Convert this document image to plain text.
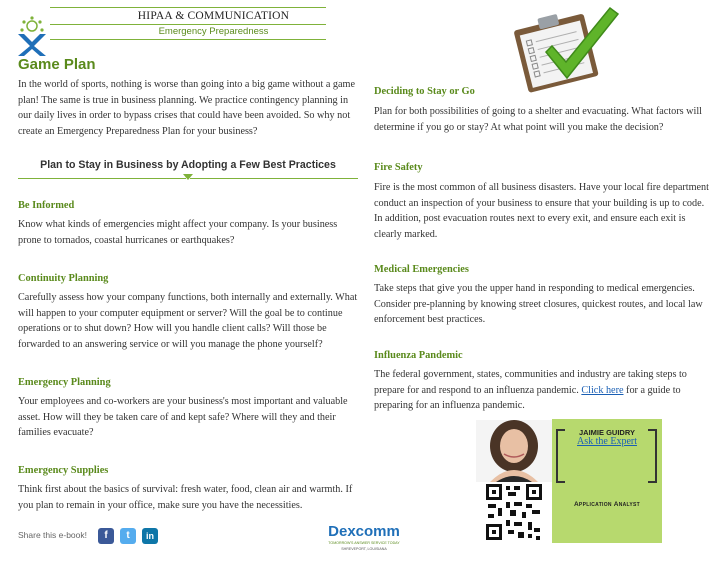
HIPAA & COMMUNICATION
Emergency Preparedness
Game Plan
In the world of sports, nothing is worse than going into a big game without a game plan! The same is true in business planning. We practice contingency planning in our daily lives in order to bypass crises that could have been avoided. So why not create an Emergency Preparedness Plan for your business?
Plan to Stay in Business by Adopting a Few Best Practices
Be Informed
Know what kinds of emergencies might affect your company. Is your business prone to tornados, coastal hurricanes or earthquakes?
Continuity Planning
Carefully assess how your company functions, both internally and externally. What will happen to your computer equipment or server? Will the goal be to continue operations or to shut down? How will you handle client calls? Will those be forwarded to an answering service or will you manage the phone yourself?
Emergency Planning
Your employees and co-workers are your business's most important and valuable asset. How will they be taken care of and kept safe? Where will they and their families evacuate?
Emergency Supplies
Think first about the basics of survival: fresh water, food, clean air and warmth. If you plan to remain in your office, make sure you have the necessities.
Deciding to Stay or Go
Plan for both possibilities of going to a shelter and evacuating. What factors will determine if you go or stay? At what point will you make the decision?
Fire Safety
Fire is the most common of all business disasters. Have your local fire department conduct an inspection of your business to ensure that your building is up to code. In addition, post evacuation routes next to every exit, and ensure each exit is clearly marked.
Medical Emergencies
Take steps that give you the upper hand in responding to medical emergencies. Consider pre-planning by knowing street closures, quickest routes, and local law enforcement best practices.
Influenza Pandemic
The federal government, states, communities and industry are taking steps to prepare for and respond to an influenza pandemic. Click here for a guide to preparing for an influenza pandemic.
JAIMIE GUIDRY
Ask the Expert
Application Analyst
Share this e-book!	f	t	in	Dexcomm
TOMORROW'S ANSWER SERVICE TODAY
SHREVEPORT, LOUISIANA
